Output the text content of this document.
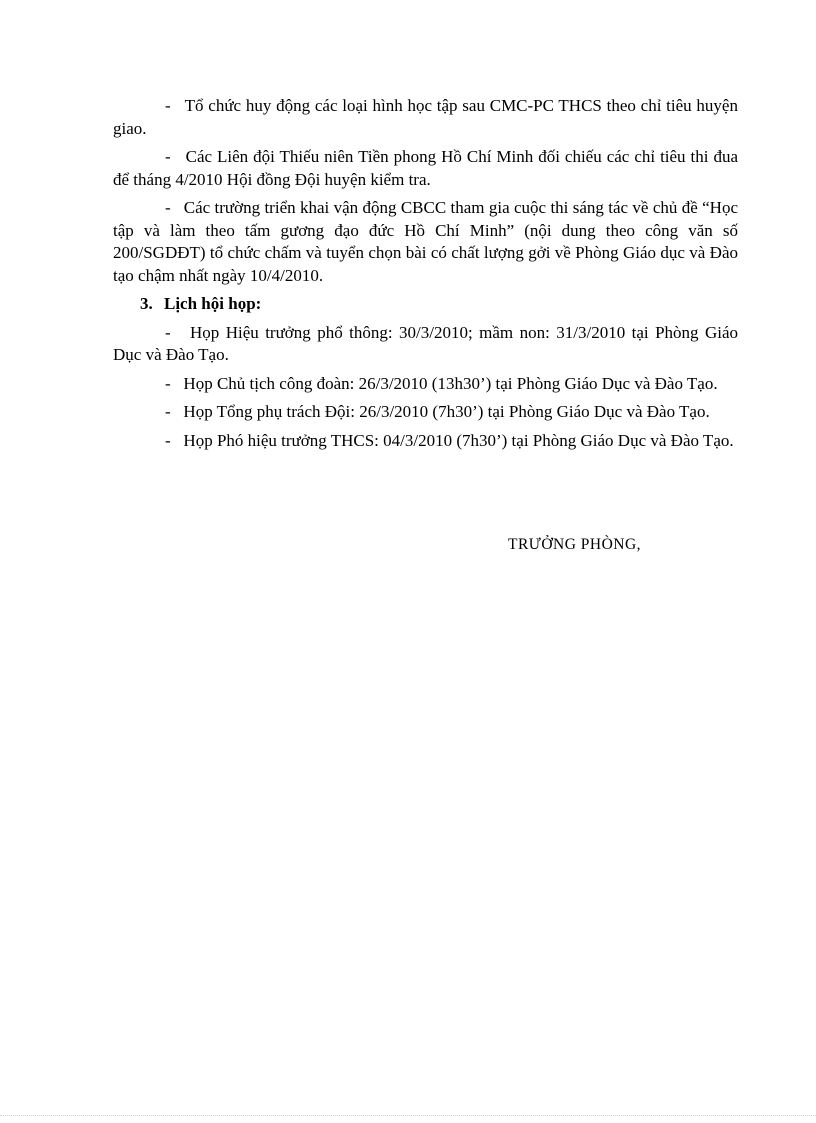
- Tổ chức huy động các loại hình học tập sau CMC-PC THCS theo chỉ tiêu huyện giao.

- Các Liên đội Thiếu niên Tiền phong Hồ Chí Minh đối chiếu các chỉ tiêu thi đua để tháng 4/2010 Hội đồng Đội huyện kiểm tra.

- Các trường triển khai vận động CBCC tham gia cuộc thi sáng tác về chủ đề “Học tập và làm theo tấm gương đạo đức Hồ Chí Minh” (nội dung theo công văn số 200/SGDĐT) tổ chức chấm và tuyển chọn bài có chất lượng gởi về Phòng Giáo dục và Đào tạo chậm nhất ngày 10/4/2010.

3. Lịch hội họp:

- Họp Hiệu trưởng phổ thông: 30/3/2010; mầm non: 31/3/2010 tại Phòng Giáo Dục và Đào Tạo.

- Họp Chủ tịch công đoàn: 26/3/2010 (13h30’) tại Phòng Giáo Dục và Đào Tạo.

- Họp Tổng phụ trách Đội: 26/3/2010 (7h30’) tại Phòng Giáo Dục và Đào Tạo.

- Họp Phó hiệu trưởng THCS: 04/3/2010 (7h30’) tại Phòng Giáo Dục và Đào Tạo.

TRƯỞNG PHÒNG,
